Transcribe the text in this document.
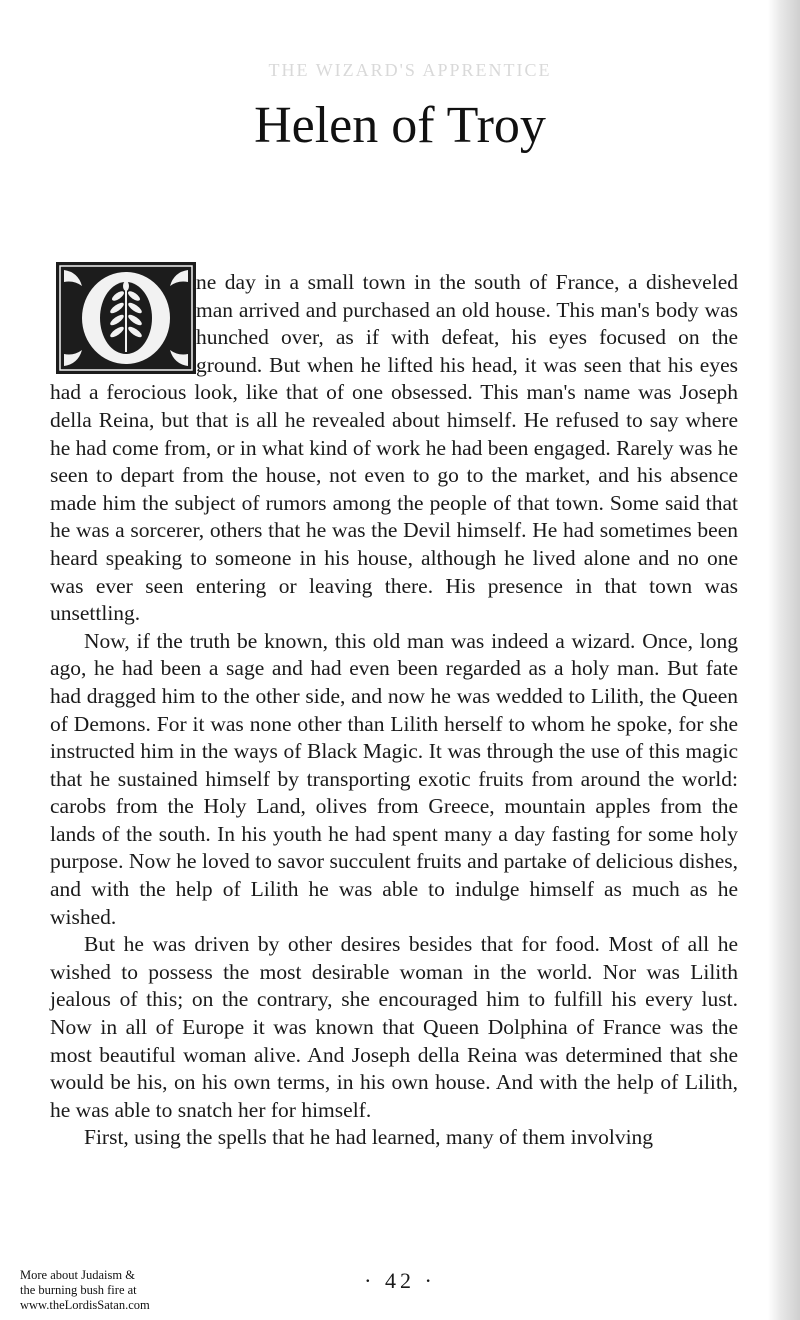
THE WIZARD'S APPRENTICE
Helen of Troy

ne day in a small town in the south of France, a disheveled man arrived and purchased an old house. This man's body was hunched over, as if with defeat, his eyes focused on the ground. But when he lifted his head, it was seen that his eyes had a ferocious look, like that of one obsessed. This man's name was Joseph della Reina, but that is all he revealed about himself. He refused to say where he had come from, or in what kind of work he had been engaged. Rarely was he seen to depart from the house, not even to go to the market, and his absence made him the subject of rumors among the people of that town. Some said that he was a sorcerer, others that he was the Devil himself. He had sometimes been heard speaking to someone in his house, although he lived alone and no one was ever seen entering or leaving there. His presence in that town was unsettling.

Now, if the truth be known, this old man was indeed a wizard. Once, long ago, he had been a sage and had even been regarded as a holy man. But fate had dragged him to the other side, and now he was wedded to Lilith, the Queen of Demons. For it was none other than Lilith herself to whom he spoke, for she instructed him in the ways of Black Magic. It was through the use of this magic that he sustained himself by transporting exotic fruits from around the world: carobs from the Holy Land, olives from Greece, mountain apples from the lands of the south. In his youth he had spent many a day fasting for some holy purpose. Now he loved to savor succulent fruits and partake of delicious dishes, and with the help of Lilith he was able to indulge himself as much as he wished.

But he was driven by other desires besides that for food. Most of all he wished to possess the most desirable woman in the world. Nor was Lilith jealous of this; on the contrary, she encouraged him to fulfill his every lust. Now in all of Europe it was known that Queen Dolphina of France was the most beautiful woman alive. And Joseph della Reina was determined that she would be his, on his own terms, in his own house. And with the help of Lilith, he was able to snatch her for himself.

First, using the spells that he had learned, many of them involving

· 42 ·
More about Judaism &
the burning bush fire at
www.theLordisSatan.com
